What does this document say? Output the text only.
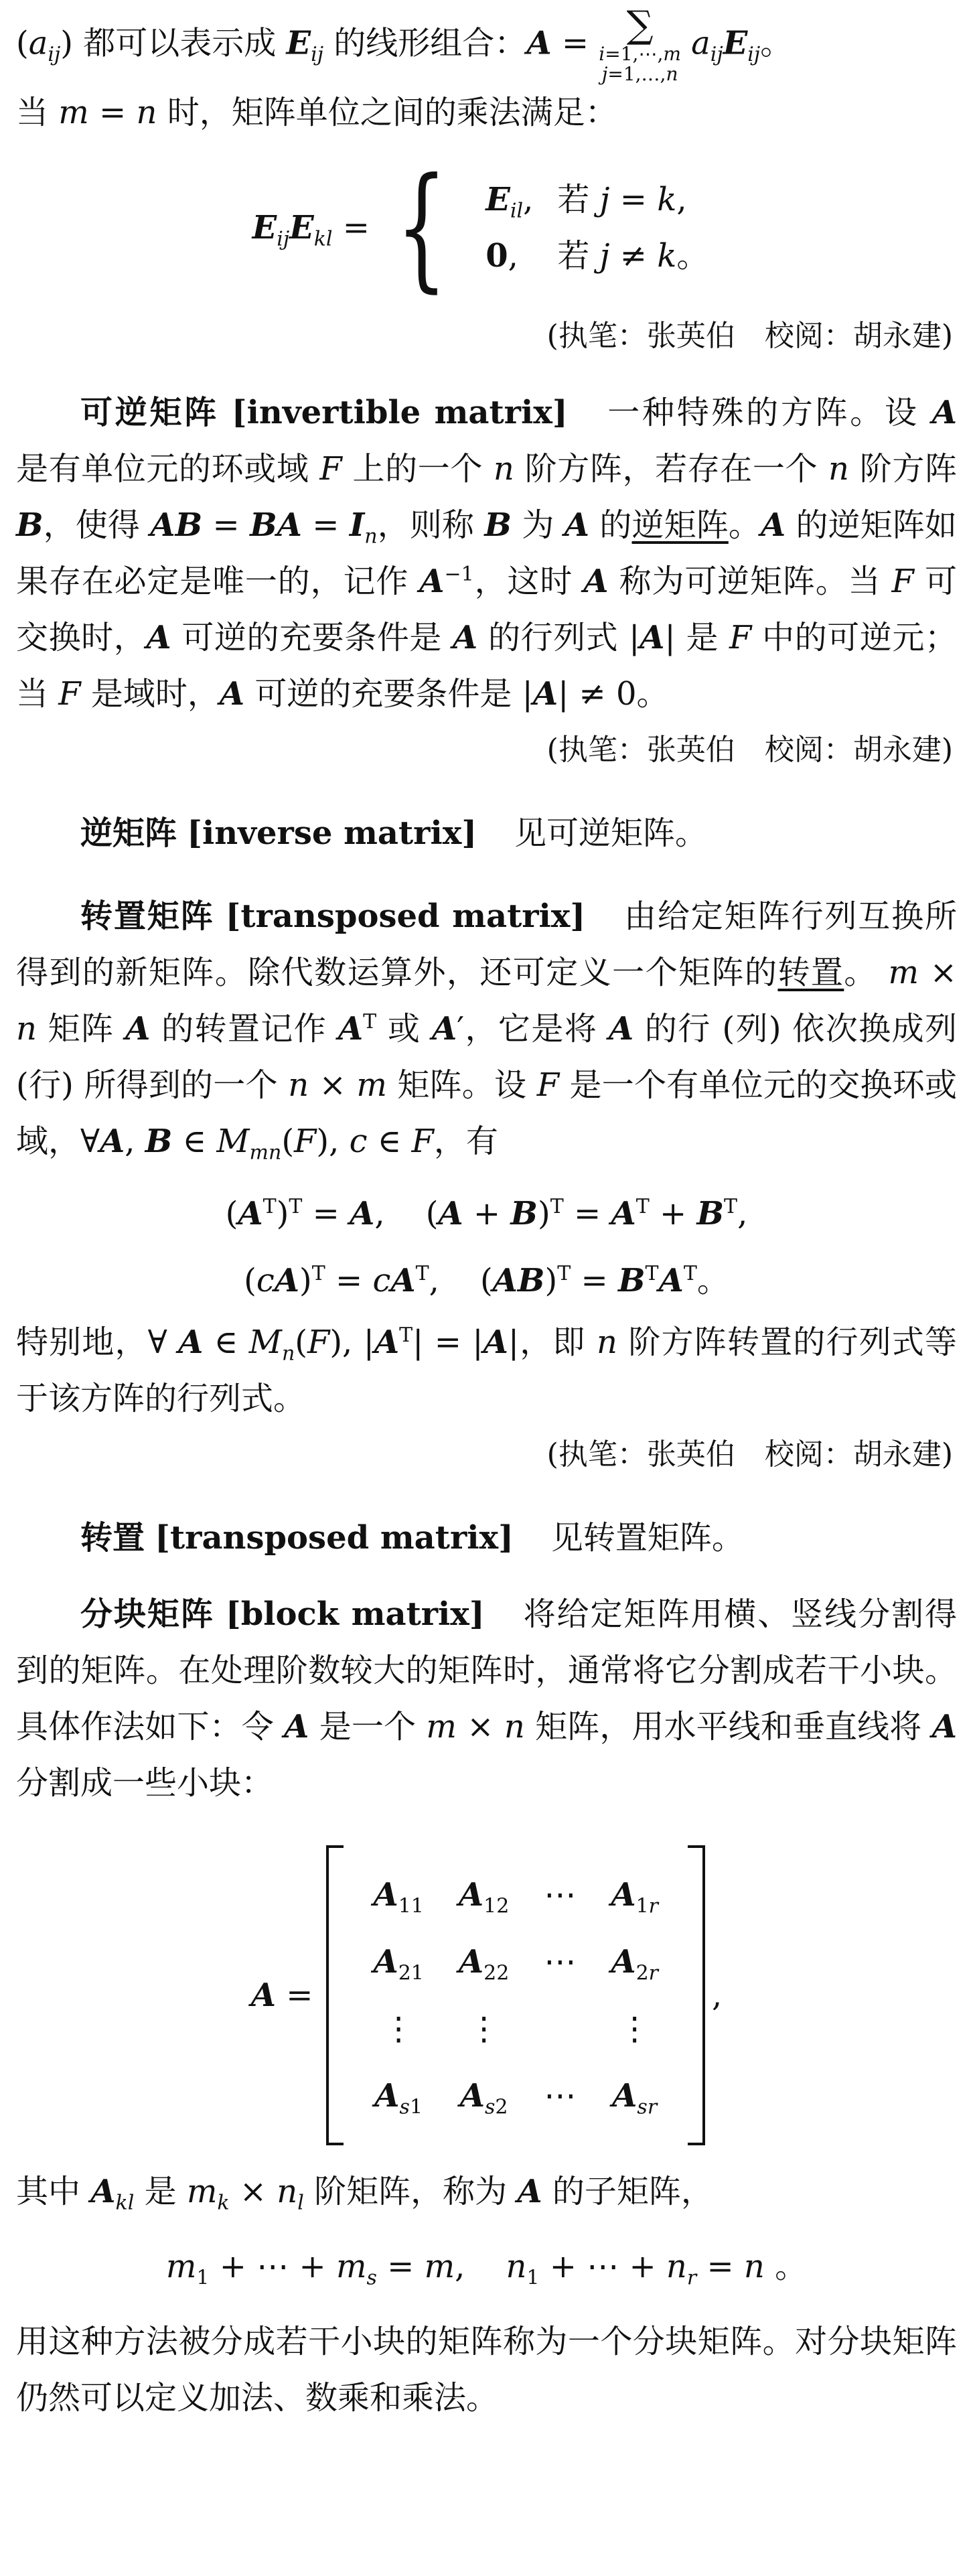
$(a_{ij})$ 都可以表示成 $E_{ij}$ 的线形组合：A = ∑
i=1,⋯,m
j=1,…,n $a_{ij}E_{ij}$。

当 m = n 时，矩阵单位之间的乘法满足：

$E_{ij}E_{kl}$ = { $E_{il}$,	若 j = k,
0,	若 j ≠ k。

(执笔：张英伯　校阅：胡永建)

可逆矩阵 [invertible matrix] 一种特殊的方阵。设 A 是有单位元的环或域 F 上的一个 n 阶方阵，若存在一个 n 阶方阵 B，使得 AB = BA = $I_n$，则称 B 为 A 的逆矩阵。A 的逆矩阵如果存在必定是唯一的，记作 $A^{-1}$，这时 A 称为可逆矩阵。当 F 可交换时，A 可逆的充要条件是 A 的行列式 |A| 是 F 中的可逆元；当 F 是域时，A 可逆的充要条件是 |A| ≠ 0。

(执笔：张英伯　校阅：胡永建)

逆矩阵 [inverse matrix] 见可逆矩阵。

转置矩阵 [transposed matrix] 由给定矩阵行列互换所得到的新矩阵。除代数运算外，还可定义一个矩阵的转置。 m × n 矩阵 A 的转置记作 $A^T$ 或 A′，它是将 A 的行 (列) 依次换成列 (行) 所得到的一个 n × m 矩阵。设 F 是一个有单位元的交换环或域，∀A, B ∈ $M_{mn}(F)$, c ∈ F，有

$(A^T)^T = A$,    $(A + B)^T = A^T + B^T$,
$(cA)^T = cA^T$,    $(AB)^T = B^TA^T$。

特别地，∀ A ∈ $M_n(F)$, $|A^T| = |A|$，即 n 阶方阵转置的行列式等于该方阵的行列式。

(执笔：张英伯　校阅：胡永建)

转置 [transposed matrix] 见转置矩阵。

分块矩阵 [block matrix] 将给定矩阵用横、竖线分割得到的矩阵。在处理阶数较大的矩阵时，通常将它分割成若干小块。具体作法如下：令 A 是一个 m × n 矩阵，用水平线和垂直线将 A 分割成一些小块：

A =
$A_{11}$	$A_{12}$	⋯	$A_{1r}$
$A_{21}$	$A_{22}$	⋯	$A_{2r}$
⋮	⋮		⋮
$A_{s1}$	$A_{s2}$	⋯	$A_{sr}$
,

其中 $A_{kl}$ 是 $m_k \times n_l$ 阶矩阵，称为 A 的子矩阵，

$m_1$ + ⋯ + $m_s = m$,    $n_1$ + ⋯ + $n_r = n$ 。

用这种方法被分成若干小块的矩阵称为一个分块矩阵。对分块矩阵仍然可以定义加法、数乘和乘法。
